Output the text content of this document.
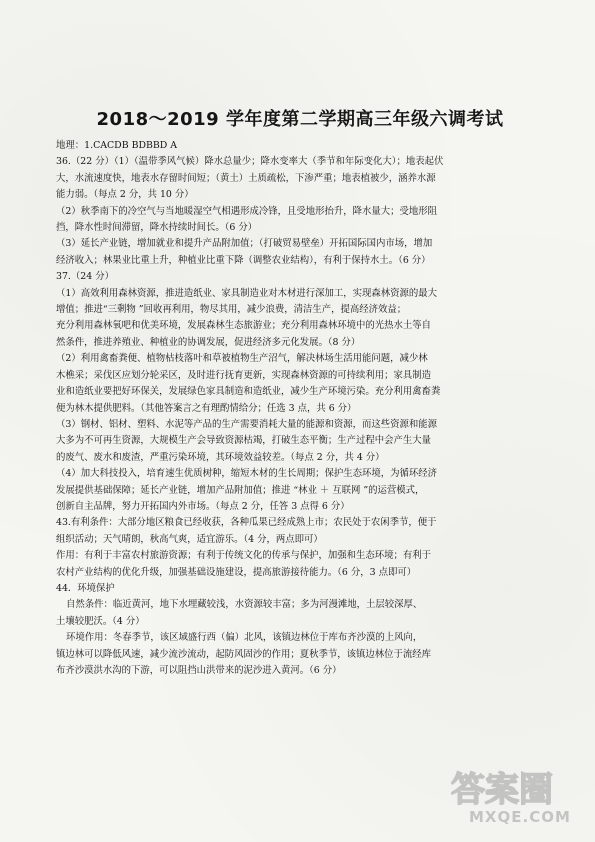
2018～2019 学年度第二学期高三年级六调考试
地理：1.CACDB BDBBD A
36.（22 分）（1）（温带季风气候）降水总量少；降水变率大（季节和年际变化大）；地表起伏
大，水流速度快，地表水存留时间短；（黄土）土质疏松，下渗严重；地表植被少，涵养水源
能力弱。（每点 2 分，共 10 分）
（2）秋季南下的冷空气与当地暖湿空气相遇形成冷锋，且受地形抬升，降水量大；受地形阻
挡，降水性时间滞留，降水持续时间长。（6 分）
（3）延长产业链，增加就业和提升产品附加值；（打破贸易壁垒）开拓国际国内市场，增加
经济收入；林果业比重上升，种植业比重下降（调整农业结构），有利于保持水土。（6 分）
37.（24 分）
（1）高效利用森林资源，推进造纸业、家具制造业对木材进行深加工，实现森林资源的最大
增值；推进“三剩物 ”回收再利用，物尽其用，减少浪费，清洁生产，提高经济效益；
充分利用森林氧吧和优美环境，发展森林生态旅游业；充分利用森林环境中的光热水土等自
然条件，推进养殖业、种植业的协调发展，促进经济多元化发展。（8 分）
（2）利用禽畜粪便、植物枯枝落叶和草被植物生产沼气，解决林场生活用能问题，减少林
木樵采；采伐区应划分轮采区，及时进行抚育更新，实现森林资源的可持续利用；家具制造
业和造纸业要把好环保关，发展绿色家具制造和造纸业，减少生产环境污染。充分利用禽畜粪
便为林木提供肥料。（其他答案言之有理酌情给分；任选 3 点，共 6 分）
（3）钢材、铝材、塑料、水泥等产品的生产需要消耗大量的能源和资源，而这些资源和能源
大多为不可再生资源，大规模生产会导致资源枯竭，打破生态平衡；生产过程中会产生大量
的废气、废水和废渣，严重污染环境，其环境效益较差。（每点 2 分，共 4 分）
（4）加大科技投入，培育速生优质树种，缩短木材的生长周期；保护生态环境，为循环经济
发展提供基础保障；延长产业链，增加产品附加值；推进 “林业 ＋ 互联网 ”的运营模式，
创新自主品牌，努力开拓国内外市场。（每点 2 分，任答 3 点得 6 分）
43.有利条件：大部分地区粮食已经收获，各种瓜果已经成熟上市；农民处于农闲季节，便于
组织活动；天气晴朗，秋高气爽，适宜游乐。（4 分，两点即可）
作用：有利于丰富农村旅游资源；有利于传统文化的传承与保护，加强和生态环境；有利于
农村产业结构的优化升级，加强基础设施建设，提高旅游接待能力。（6 分，3 点即可）
44．环境保护
自然条件：临近黄河，地下水埋藏较浅，水资源较丰富；多为河漫滩地，土层较深厚、
土壤较肥沃。（4 分）
环境作用：冬春季节，该区域盛行西（偏）北风，该镇边林位于库布齐沙漠的上风向，
镇边林可以降低风速，减少流沙流动，起防风固沙的作用；夏秋季节，该镇边林位于流经库
布齐沙漠洪水沟的下游，可以阻挡山洪带来的泥沙进入黄河。（6 分）
答案圈
MXQE.COM
